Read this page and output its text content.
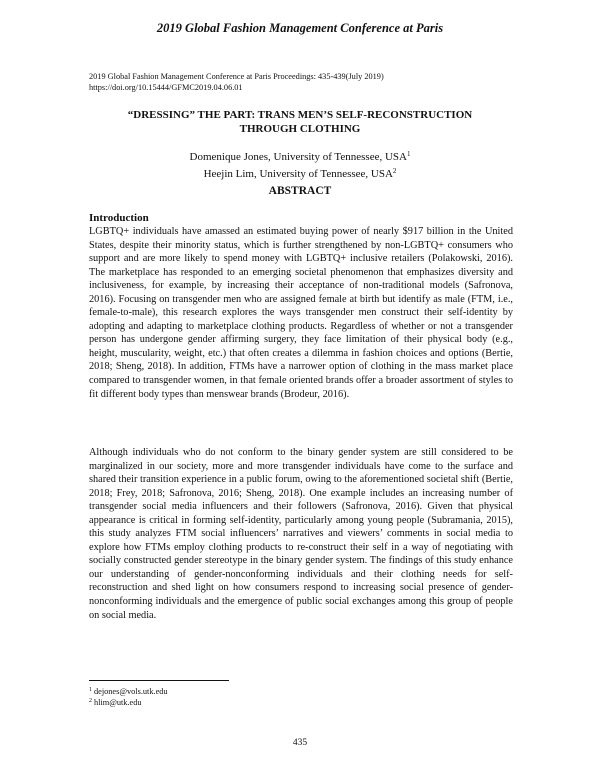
2019 Global Fashion Management Conference at Paris
2019 Global Fashion Management Conference at Paris Proceedings: 435-439(July 2019)
https://doi.org/10.15444/GFMC2019.04.06.01
“DRESSING” THE PART: TRANS MEN’S SELF-RECONSTRUCTION
THROUGH CLOTHING
Domenique Jones, University of Tennessee, USA$^1$
Heejin Lim, University of Tennessee, USA$^2$
ABSTRACT
Introduction

LGBTQ+ individuals have amassed an estimated buying power of nearly $917 billion in the United States, despite their minority status, which is further strengthened by non-LGBTQ+ consumers who support and are more likely to spend money with LGBTQ+ inclusive retailers (Polakowski, 2016). The marketplace has responded to an emerging societal phenomenon that emphasizes diversity and inclusiveness, for example, by increasing their acceptance of non-traditional models (Safronova, 2016). Focusing on transgender men who are assigned female at birth but identify as male (FTM, i.e., female-to-male), this research explores the ways transgender men construct their self-identity by adopting and adapting to marketplace clothing products. Regardless of whether or not a transgender person has undergone gender affirming surgery, they face limitation of their physical body (e.g., height, muscularity, weight, etc.) that often creates a dilemma in fashion choices and options (Bertie, 2018; Sheng, 2018). In addition, FTMs have a narrower option of clothing in the mass market place compared to transgender women, in that female oriented brands offer a broader assortment of styles to fit different body types than menswear brands (Brodeur, 2016).

Although individuals who do not conform to the binary gender system are still considered to be marginalized in our society, more and more transgender individuals have come to the surface and shared their transition experience in a public forum, owing to the aforementioned societal shift (Bertie, 2018; Frey, 2018; Safronova, 2016; Sheng, 2018). One example includes an increasing number of transgender social media influencers and their followers (Safronova, 2016). Given that physical appearance is critical in forming self-identity, particularly among young people (Subramania, 2015), this study analyzes FTM social influencers’ narratives and viewers’ comments in social media to explore how FTMs employ clothing products to re-construct their self in a way of negotiating with socially constructed gender stereotype in the binary gender system. The findings of this study enhance our understanding of gender-nonconforming individuals and their clothing needs for self-reconstruction and shed light on how consumers respond to increasing social presence of gender-nonconforming individuals and the emergence of public social exchanges among this group of people on social media.

$^1$ dejones@vols.utk.edu
$^2$ hlim@utk.edu
435
